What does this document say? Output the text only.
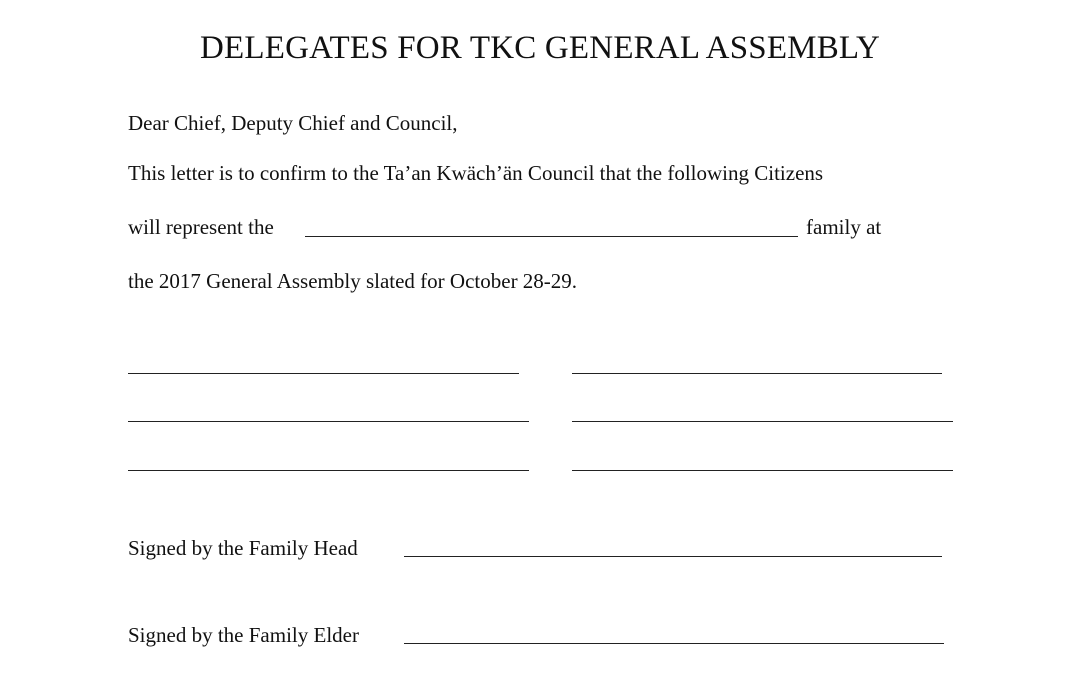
DELEGATES FOR TKC GENERAL ASSEMBLY
Dear Chief, Deputy Chief and Council,
This letter is to confirm to the Ta’an Kwäch’än Council that the following Citizens
will represent the	family at
the 2017 General Assembly slated for October 28-29.
Signed by the Family Head
Signed by the Family Elder
